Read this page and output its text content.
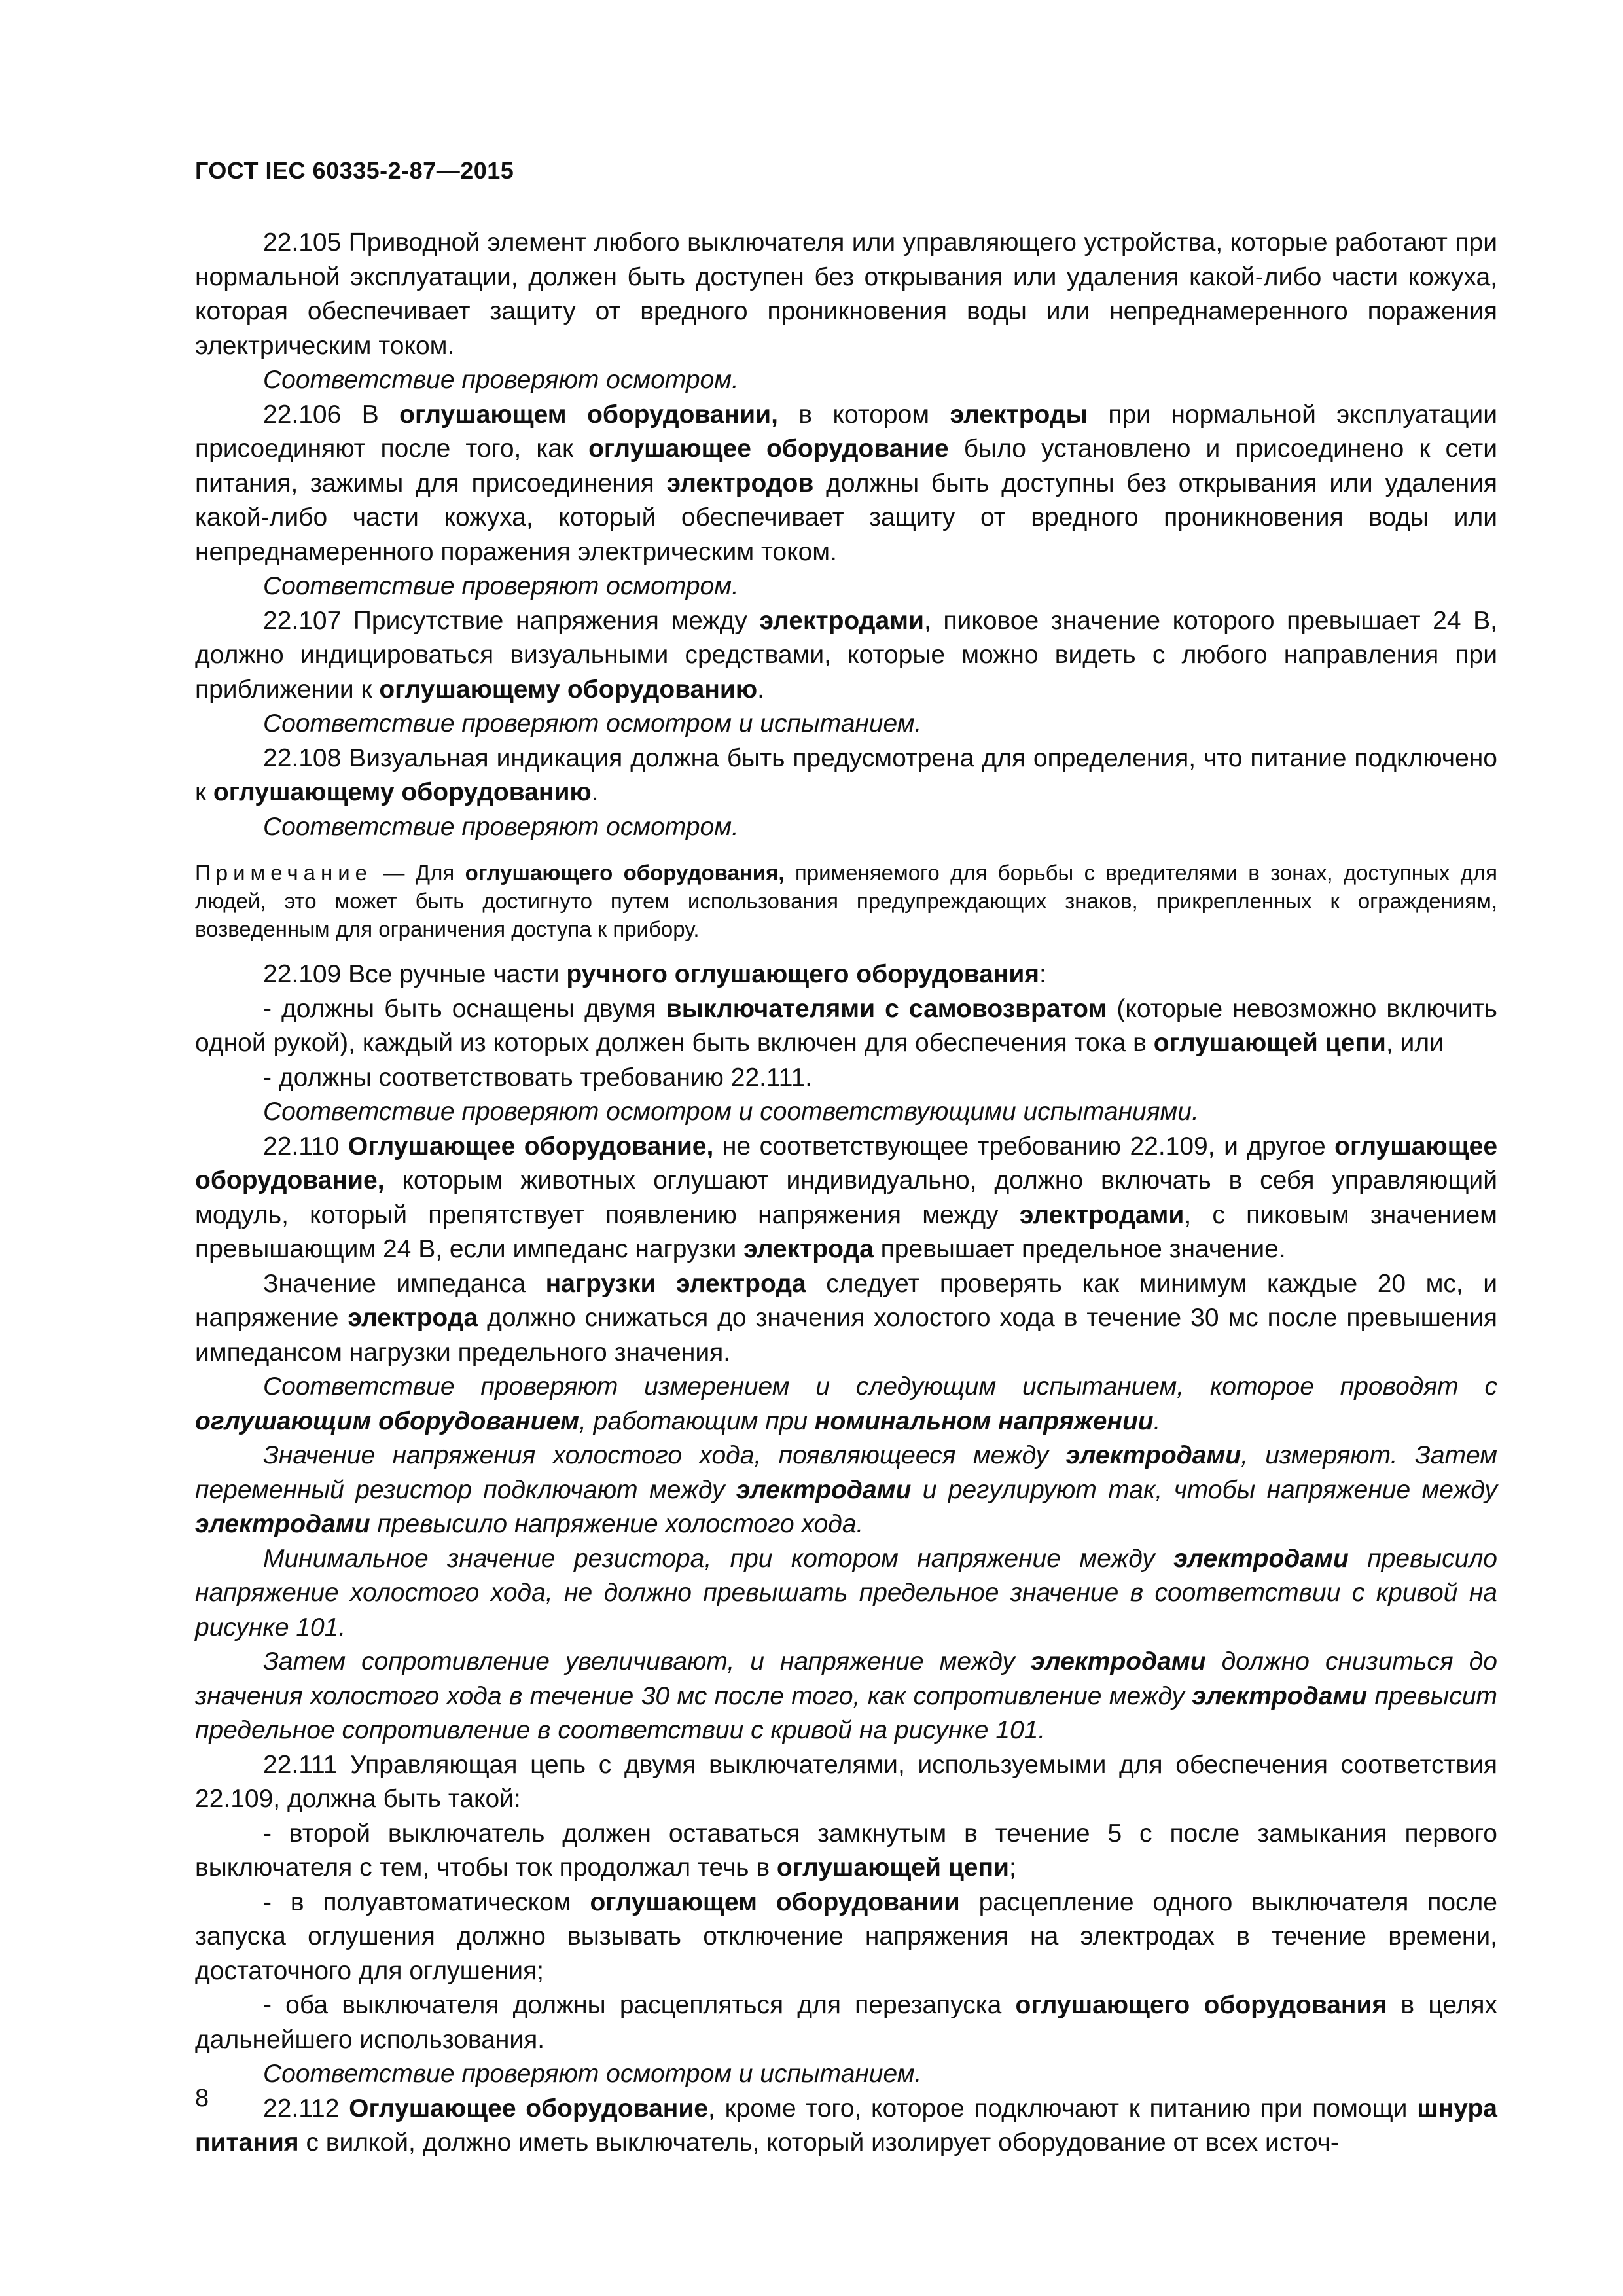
ГОСТ IEC 60335-2-87—2015

22.105 Приводной элемент любого выключателя или управляющего устройства, которые работают при нормальной эксплуатации, должен быть доступен без открывания или удаления какой-либо части кожуха, которая обеспечивает защиту от вредного проникновения воды или непреднамеренного поражения электрическим током.

Соответствие проверяют осмотром.

22.106 В оглушающем оборудовании, в котором электроды при нормальной эксплуатации присоединяют после того, как оглушающее оборудование было установлено и присоединено к сети питания, зажимы для присоединения электродов должны быть доступны без открывания или удаления какой-либо части кожуха, который обеспечивает защиту от вредного проникновения воды или непреднамеренного поражения электрическим током.

Соответствие проверяют осмотром.

22.107 Присутствие напряжения между электродами, пиковое значение которого превышает 24 В, должно индицироваться визуальными средствами, которые можно видеть с любого направления при приближении к оглушающему оборудованию.

Соответствие проверяют осмотром и испытанием.

22.108 Визуальная индикация должна быть предусмотрена для определения, что питание подключено к оглушающему оборудованию.

Соответствие проверяют осмотром.

Примечание — Для оглушающего оборудования, применяемого для борьбы с вредителями в зонах, доступных для людей, это может быть достигнуто путем использования предупреждающих знаков, прикрепленных к ограждениям, возведенным для ограничения доступа к прибору.

22.109 Все ручные части ручного оглушающего оборудования:

- должны быть оснащены двумя выключателями с самовозвратом (которые невозможно включить одной рукой), каждый из которых должен быть включен для обеспечения тока в оглушающей цепи, или

- должны соответствовать требованию 22.111.

Соответствие проверяют осмотром и соответствующими испытаниями.

22.110 Оглушающее оборудование, не соответствующее требованию 22.109, и другое оглушающее оборудование, которым животных оглушают индивидуально, должно включать в себя управляющий модуль, который препятствует появлению напряжения между электродами, с пиковым значением превышающим 24 В, если импеданс нагрузки электрода превышает предельное значение.

Значение импеданса нагрузки электрода следует проверять как минимум каждые 20 мс, и напряжение электрода должно снижаться до значения холостого хода в течение 30 мс после превышения импедансом нагрузки предельного значения.

Соответствие проверяют измерением и следующим испытанием, которое проводят с оглушающим оборудованием, работающим при номинальном напряжении.

Значение напряжения холостого хода, появляющееся между электродами, измеряют. Затем переменный резистор подключают между электродами и регулируют так, чтобы напряжение между электродами превысило напряжение холостого хода.

Минимальное значение резистора, при котором напряжение между электродами превысило напряжение холостого хода, не должно превышать предельное значение в соответствии с кривой на рисунке 101.

Затем сопротивление увеличивают, и напряжение между электродами должно снизиться до значения холостого хода в течение 30 мс после того, как сопротивление между электродами превысит предельное сопротивление в соответствии с кривой на рисунке 101.

22.111 Управляющая цепь с двумя выключателями, используемыми для обеспечения соответствия 22.109, должна быть такой:

- второй выключатель должен оставаться замкнутым в течение 5 с после замыкания первого выключателя с тем, чтобы ток продолжал течь в оглушающей цепи;

- в полуавтоматическом оглушающем оборудовании расцепление одного выключателя после запуска оглушения должно вызывать отключение напряжения на электродах в течение времени, достаточного для оглушения;

- оба выключателя должны расцепляться для перезапуска оглушающего оборудования в целях дальнейшего использования.

Соответствие проверяют осмотром и испытанием.

22.112 Оглушающее оборудование, кроме того, которое подключают к питанию при помощи шнура питания с вилкой, должно иметь выключатель, который изолирует оборудование от всех источ-

8
